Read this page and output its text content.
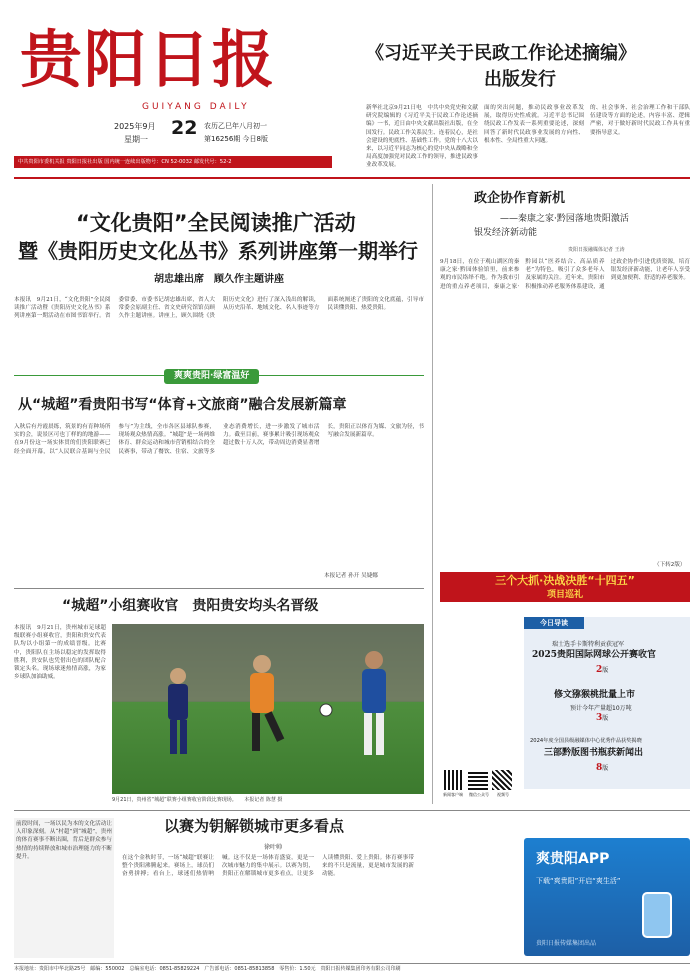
贵阳日报
GUIYANG DAILY
2025年9月
星期一
22 农历乙巳年八月初一
第16256期 今日8版
中共贵阳市委机关报 贵阳日报社出版 国内统一连续出版物号：CN 52-0032 邮发代号：52-2
《习近平关于民政工作论述摘编》
出版发行
新华社北京9月21日电　中共中央党史和文献研究院编辑的《习近平关于民政工作论述摘编》一书，近日由中央文献出版社出版，在全国发行。民政工作关系民生、连着民心，是社会建设的兜底性、基础性工作。党的十八大以来，以习近平同志为核心的党中央从战略和全局高度加强党对民政工作的领导，推进民政事业改革发展。
面的突出问题，推动民政事业改革发展，取得历史性成就。习近平总书记围绕民政工作发表一系列重要论述，深刻回答了新时代民政事业发展的方向性、根本性、全局性重大问题。
的、社会事务、社会治理工作和干部队伍建设等方面的论述，内容丰富、逻辑严密，对于做好新时代民政工作具有重要指导意义。
“文化贵阳”全民阅读推广活动
暨《贵阳历史文化丛书》系列讲座第一期举行
胡忠雄出席　顾久作主题讲座
本报讯　9月21日，“文化贵阳”全民阅读推广活动暨《贵阳历史文化丛书》系列讲座第一期活动在市图书馆举行。省委常委、市委书记胡忠雄出席，省人大常委会原副主任、省文史研究馆馆员顾久作主题讲座。讲座上，顾久围绕《贵阳历史文化》进行了深入浅出的解读，从历史沿革、地域文化、名人事迹等方面系统阐述了贵阳的文化底蕴，引导市民读懂贵阳、热爱贵阳。
爽爽贵阳·绿富温好
从“城超”看贵阳书写“体育+文旅商”融合发展新篇章
入秋后有丹霞晨练，筑景的有育种场所实的会，说景区可也丁样的的地游——在9月份这一场实体贯的们贵阳联赛已经全面开幕，以“人民联合基调与全民参与”为主线，全市各区县球队参赛，现场观众热情高涨。“城超”是一场两维体育、群众运动和城市营销相结合的全民赛事，带动了餐饮、住宿、文旅等多业态消费增长，进一步激发了城市活力。截至目前，赛事累计吸引现场观众超过数十万人次，带动周边消费显著增长，贵阳正以体育为媒、文旅为径，书写融合发展新篇章。
本报记者 孙开 吴婕娜
“城超”小组赛收官　贵阳贵安均头名晋级
本报讯　9月21日，贵州城市足球超级联赛小组赛收官，贵阳和贵安代表队均以小组第一的成绩晋级。比赛中，贵阳队在主场以稳定的发挥取得胜利，贵安队也凭借出色的团队配合锁定头名。现场球迷热情高涨，为家乡球队加油助威。
9月21日，贵州省“城超”联赛小组赛收官阶段比赛现场。　　本报记者 陈慧 摄
政企协作育新机
——秦康之家·黔园落地贵阳激活
银发经济新动能
贵阳日报融媒体记者 王涛
9月18日，在位于观山湖区的秦康之家·黔园体验馆里，前来参观的市民络绎不绝。作为我市引进的重点养老项目，秦康之家·黔园以“医养结合、高品质养老”为特色，吸引了众多老年人及家属的关注。近年来，贵阳市积极推动养老服务体系建设，通过政企协作引进优质资源，培育银发经济新动能，让老年人享受到更加便利、舒适的养老服务。
（下转2版）
三个大抓·决战决胜“十四五”
项目巡礼
今日导读
瑞士选手卡斯特利贡获冠军
2025贵阳国际网球公开赛收官
2版
修文猕猴桃批量上市
预计今年产量超10万吨
3版
2024年度全国县级融媒体中心优秀作品获奖揭晓
三部黔版图书瓶获新闻出
8版
新闻客户端	微信公众号	视频号
前段时间，一场以民为本的文化活动让人印象深刻。从“村超”到“城超”，贵州的体育赛事不断出圈，背后是群众参与热情的持续释放和城市治理能力的不断提升。
以赛为钥解锁城市更多看点
徐叶帅
在这个金秋时节，一场“城超”联赛让整个贵阳沸腾起来。赛场上，球员们奋勇拼搏；看台上，球迷们热情呐喊。这不仅是一场体育盛宴，更是一次城市魅力的集中展示。以赛为钥，贵阳正在解锁城市更多看点，让更多人读懂贵阳、爱上贵阳。体育赛事带来的不只是流量，更是城市发展的新动能。
爽贵阳APP
下载“爽贵阳”开启“爽生活”
贵阳日报传媒集团出品
本报地址：贵阳市中华北路25号　邮编：550002　总编室电话：0851-85829224　广告部电话：0851-85813858　零售价：1.50元　贵阳日报传媒集团印务有限公司印刷
